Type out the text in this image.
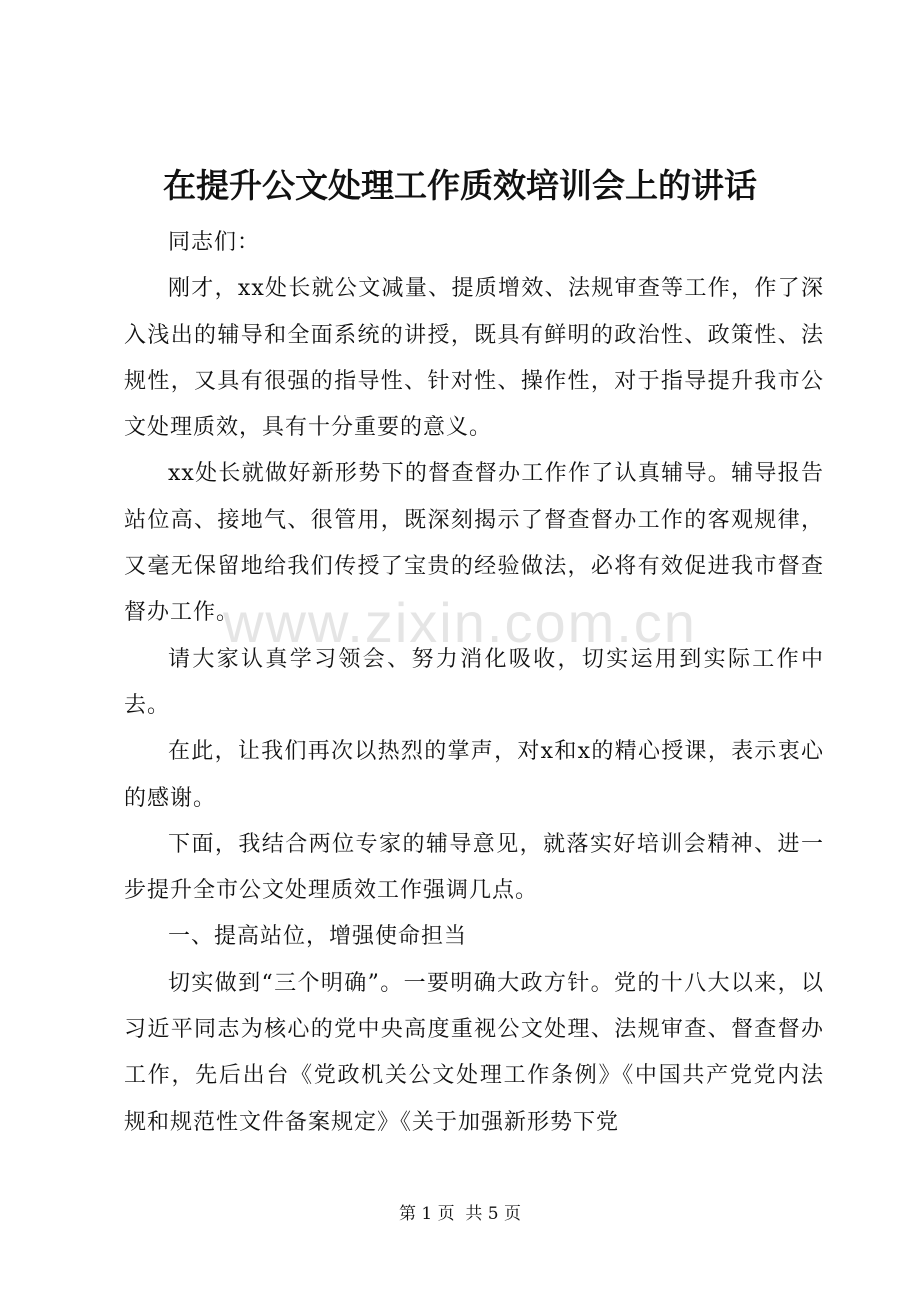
在提升公文处理工作质效培训会上的讲话

同志们：

刚才，xx处长就公文减量、提质增效、法规审查等工作，作了深入浅出的辅导和全面系统的讲授，既具有鲜明的政治性、政策性、法规性，又具有很强的指导性、针对性、操作性，对于指导提升我市公文处理质效，具有十分重要的意义。

xx处长就做好新形势下的督查督办工作作了认真辅导。辅导报告站位高、接地气、很管用，既深刻揭示了督查督办工作的客观规律，又毫无保留地给我们传授了宝贵的经验做法，必将有效促进我市督查督办工作。

请大家认真学习领会、努力消化吸收，切实运用到实际工作中去。

在此，让我们再次以热烈的掌声，对x和x的精心授课，表示衷心的感谢。

下面，我结合两位专家的辅导意见，就落实好培训会精神、进一步提升全市公文处理质效工作强调几点。

一、提高站位，增强使命担当

切实做到“三个明确”。一要明确大政方针。党的十八大以来，以习近平同志为核心的党中央高度重视公文处理、法规审查、督查督办工作，先后出台《党政机关公文处理工作条例》《中国共产党党内法规和规范性文件备案规定》《关于加强新形势下党

www.zixin.com.cn
第 1 页  共 5 页
